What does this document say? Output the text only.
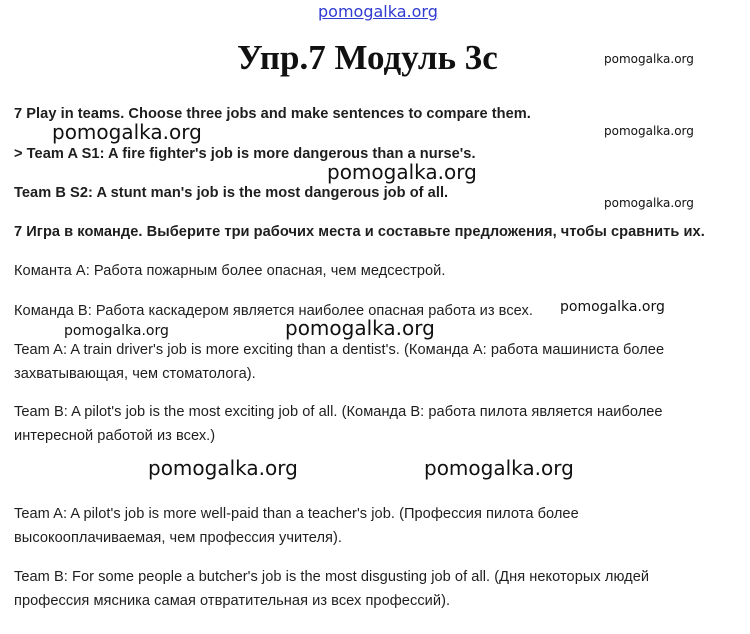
pomogalka.org
pomogalka.org
pomogalka.org
pomogalka.org
pomogalka.org
pomogalka.org
pomogalka.org
pomogalka.org	pomogalka.org
pomogalka.org	pomogalka.org
Упр.7 Модуль 3с
7 Play in teams. Choose three jobs and make sentences to compare them.
> Team A S1: A fire fighter's job is more dangerous than a nurse's.
Team B S2: A stunt man's job is the most dangerous job of all.
7 Игра в команде. Выберите три рабочих места и составьте предложения, чтобы сравнить их.
Команта А: Работа пожарным более опасная, чем медсестрой.
Команда В: Работа каскадером является наиболее опасная работа из всех.
Team A: A train driver's job is more exciting than a dentist's. (Команда А: работа машиниста более
захватывающая, чем стоматолога).
Team B: A pilot's job is the most exciting job of all. (Команда В: работа пилота является наиболее
интересной работой из всех.)
Team A: A pilot's job is more well-paid than a teacher's job. (Профессия пилота более
высокооплачиваемая, чем профессия учителя).
Team B: For some people a butcher's job is the most disgusting job of all. (Дня некоторых людей
профессия мясника самая отвратительная из всех профессий).
